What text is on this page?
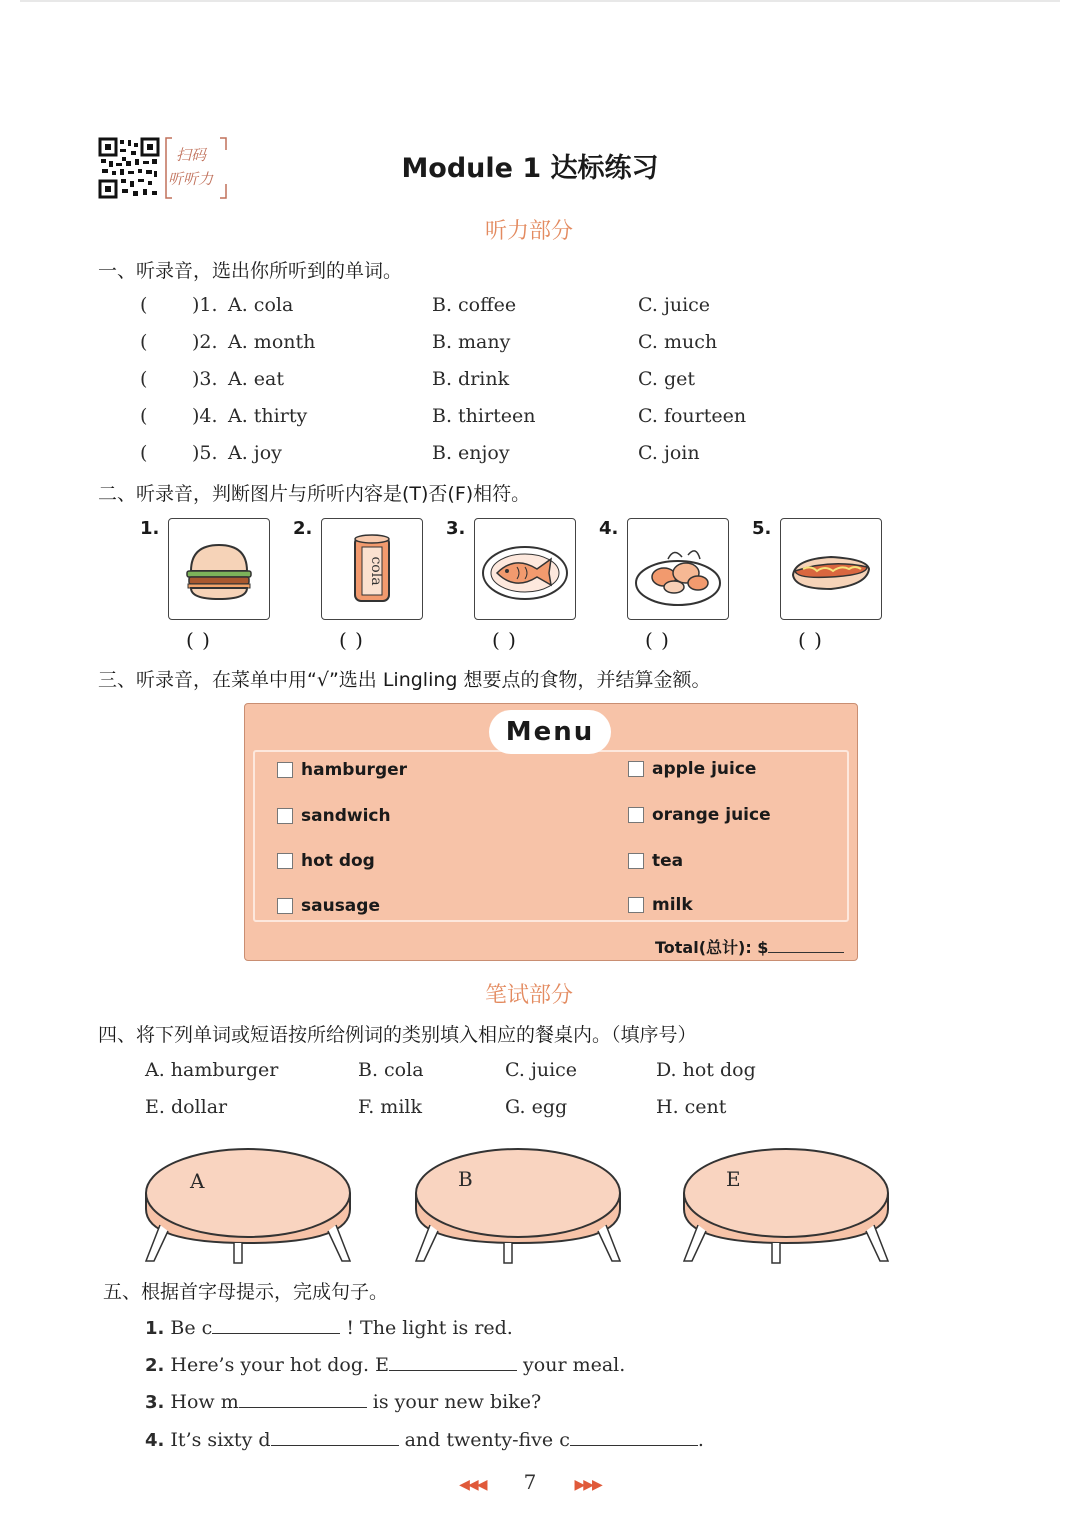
扫码
听听力	Module 1 达标练习
听力部分
一、听录音，选出你所听到的单词。
( )1. A. cola	B. coffee	C. juice
( )2. A. month	B. many	C. much
( )3. A. eat	B. drink	C. get
( )4. A. thirty	B. thirteen	C. fourteen
( )5. A. joy	B. enjoy	C. join
二、听录音，判断图片与所听内容是(T)否(F)相符。
1.	2.
cola
3.	4.	5.
( )	( )	( )	( )	( )
三、听录音，在菜单中用“√”选出 Lingling 想要点的食物，并结算金额。
Menu
hamburger
sandwich
hot dog
sausage
apple juice
orange juice
tea
milk
Total(总计): $
笔试部分
四、将下列单词或短语按所给例词的类别填入相应的餐桌内。（填序号）
A. hamburger	B. cola	C. juice	D. hot dog
E. dollar	F. milk	G. egg	H. cent
A	B	E
五、根据首字母提示，完成句子。
1. Be c	! The light is red.
2. Here’s your hot dog. E	your meal.
3. How m	is your new bike?
4. It’s sixty d	and twenty-five c	.
◀◀◀ 7	▶▶▶
